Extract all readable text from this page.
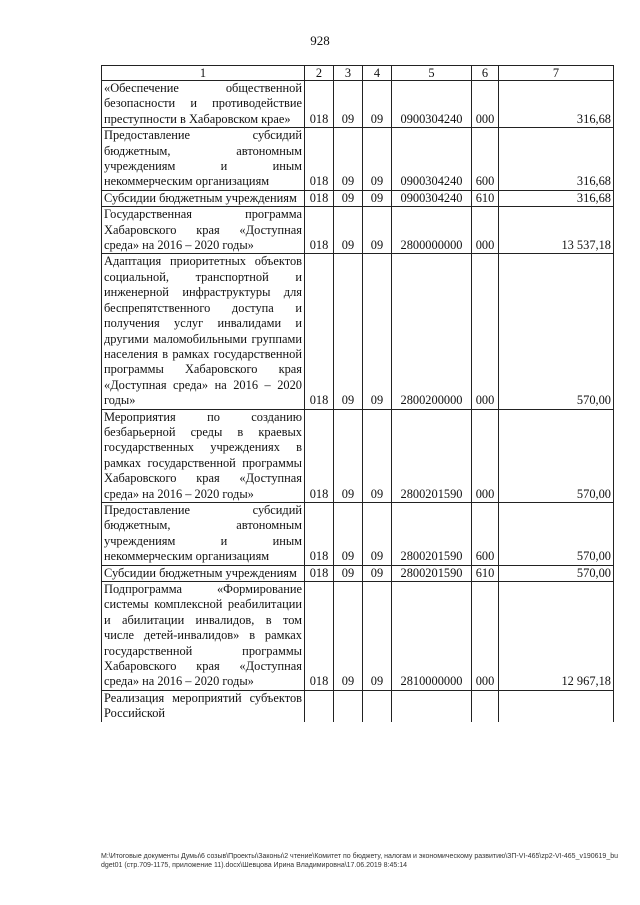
928
1	2	3	4	5	6	7
«Обеспечение общественной безопасности и противодействие преступности в Хабаровском крае»	018	09	09	0900304240	000	316,68
Предоставление субсидий бюджетным, автономным учреждениям и иным некоммерческим организациям	018	09	09	0900304240	600	316,68
Субсидии бюджетным учреждениям	018	09	09	0900304240	610	316,68
Государственная программа Хабаровского края «Доступная среда» на 2016 – 2020 годы»	018	09	09	2800000000	000	13 537,18
Адаптация приоритетных объектов социальной, транспортной и инженерной инфраструктуры для беспрепятственного доступа и получения услуг инвалидами и другими маломобильными группами населения в рамках государственной программы Хабаровского края «Доступная среда» на 2016 – 2020 годы»	018	09	09	2800200000	000	570,00
Мероприятия по созданию безбарьерной среды в краевых государственных учреждениях в рамках государственной программы Хабаровского края «Доступная среда» на 2016 – 2020 годы»	018	09	09	2800201590	000	570,00
Предоставление субсидий бюджетным, автономным учреждениям и иным некоммерческим организациям	018	09	09	2800201590	600	570,00
Субсидии бюджетным учреждениям	018	09	09	2800201590	610	570,00
Подпрограмма «Формирование системы комплексной реабилитации и абилитации инвалидов, в том числе детей-инвалидов» в рамках государственной программы Хабаровского края «Доступная среда» на 2016 – 2020 годы»	018	09	09	2810000000	000	12 967,18
Реализация мероприятий субъектов Российской						
M:\Итоговые документы Думы\6 созыв\Проекты\Законы\2 чтение\Комитет по бюджету, налогам и экономическому развитию\ЗП-VI-465\zp2-VI-465_v190619_budget01 (стр.709-1175, приложение 11).docx\Шевцова Ирина Владимировна\17.06.2019 8:45:14
